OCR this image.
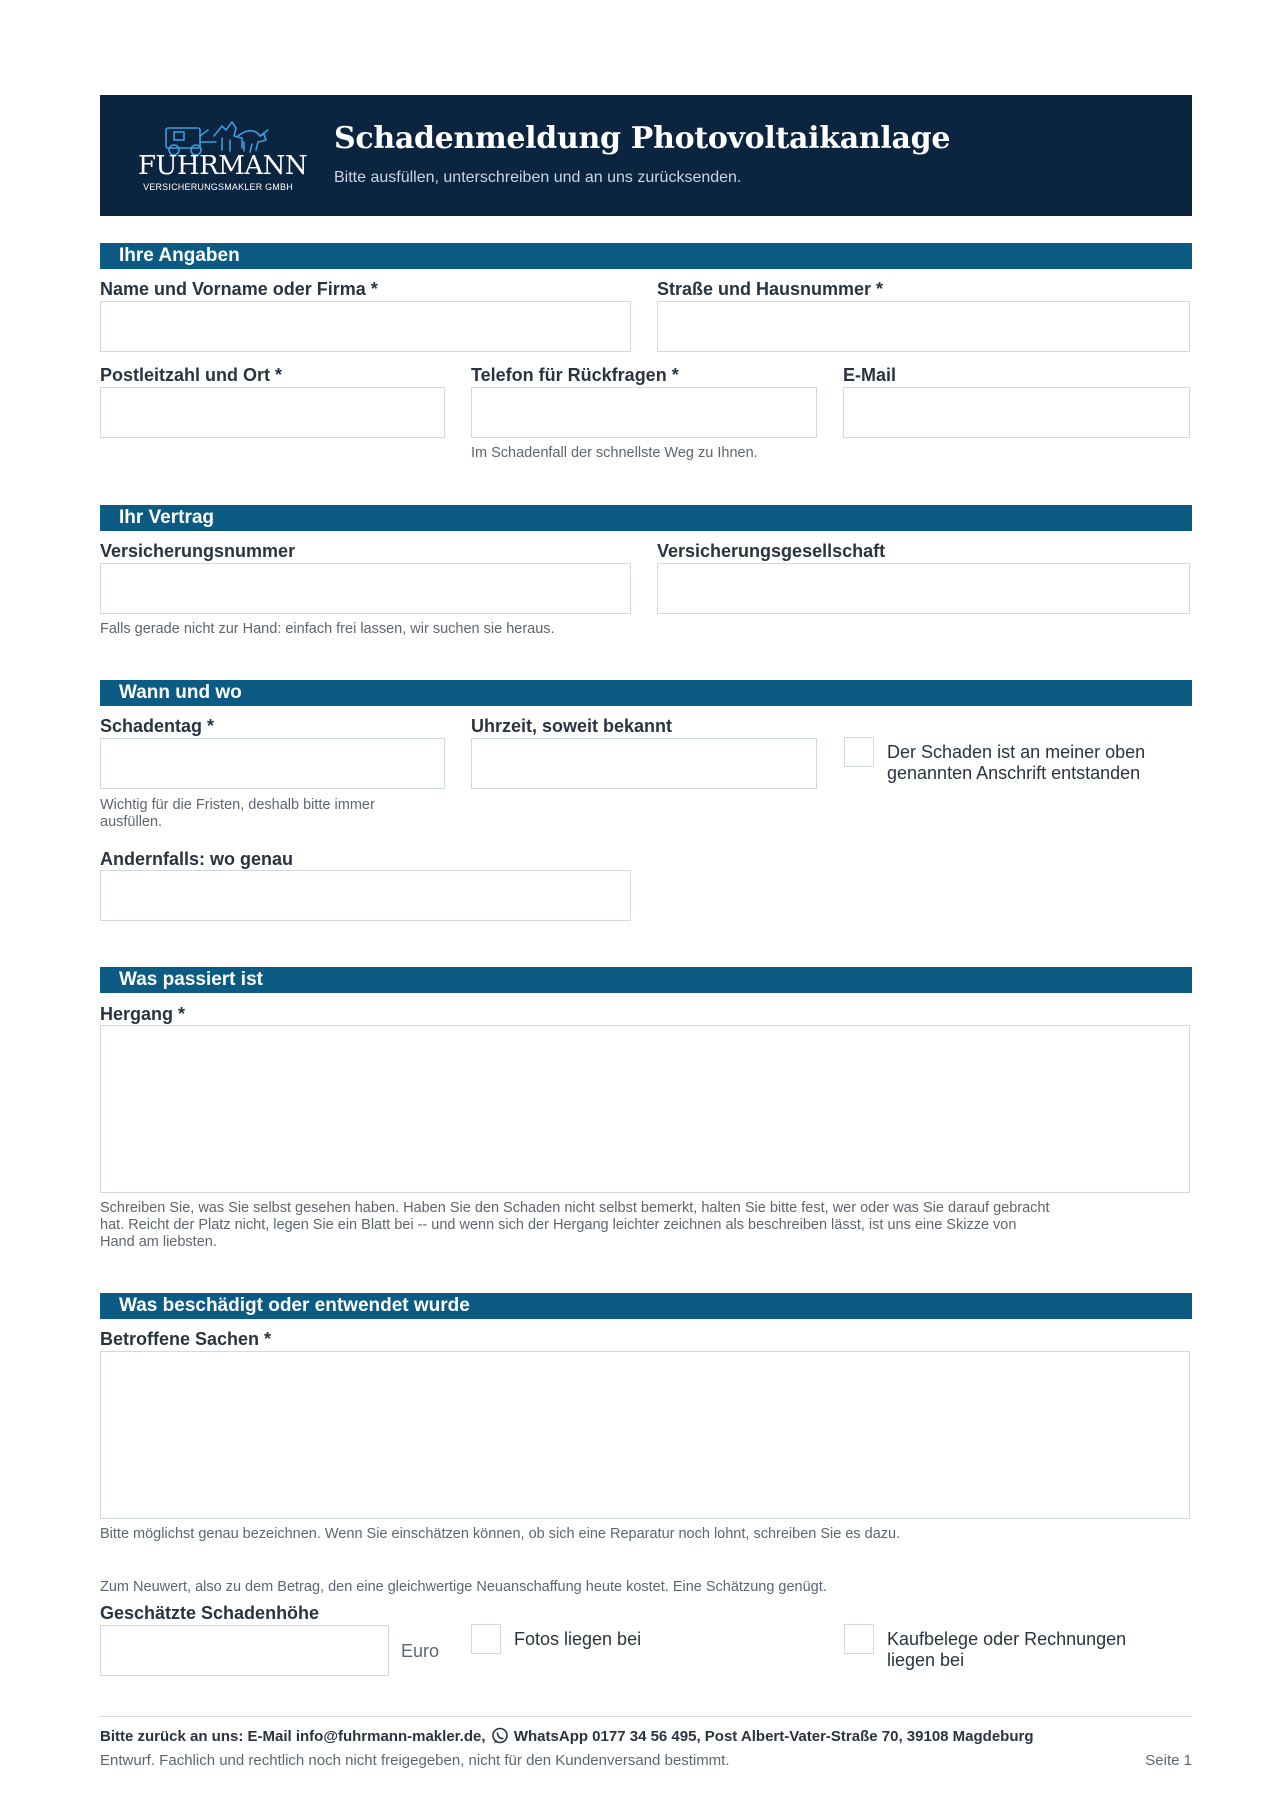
FUHRMANN
VERSICHERUNGSMAKLER GMBH
Schadenmeldung Photovoltaikanlage
Bitte ausfüllen, unterschreiben und an uns zurücksenden.
Ihre Angaben
Name und Vorname oder Firma *	Straße und Hausnummer *
Postleitzahl und Ort *	Telefon für Rückfragen *
Im Schadenfall der schnellste Weg zu Ihnen.
E-Mail
Ihr Vertrag
Versicherungsnummer
Falls gerade nicht zur Hand: einfach frei lassen, wir suchen sie heraus.
Versicherungsgesellschaft
Wann und wo
Schadentag *
Wichtig für die Fristen, deshalb bitte immer
ausfüllen.
Uhrzeit, soweit bekannt
Der Schaden ist an meiner oben
genannten Anschrift entstanden
Andernfalls: wo genau
Was passiert ist
Hergang *
Schreiben Sie, was Sie selbst gesehen haben. Haben Sie den Schaden nicht selbst bemerkt, halten Sie bitte fest, wer oder was Sie darauf gebracht
hat. Reicht der Platz nicht, legen Sie ein Blatt bei -- und wenn sich der Hergang leichter zeichnen als beschreiben lässt, ist uns eine Skizze von
Hand am liebsten.
Was beschädigt oder entwendet wurde
Betroffene Sachen *
Bitte möglichst genau bezeichnen. Wenn Sie einschätzen können, ob sich eine Reparatur noch lohnt, schreiben Sie es dazu.
Zum Neuwert, also zu dem Betrag, den eine gleichwertige Neuanschaffung heute kostet. Eine Schätzung genügt.
Geschätzte Schadenhöhe
Euro
Fotos liegen bei	Kaufbelege oder Rechnungen
liegen bei
Bitte zurück an uns: E-Mail info@fuhrmann-makler.de, WhatsApp 0177 34 56 495, Post Albert-Vater-Straße 70, 39108 Magdeburg
Entwurf. Fachlich und rechtlich noch nicht freigegeben, nicht für den Kundenversand bestimmt.	Seite 1
